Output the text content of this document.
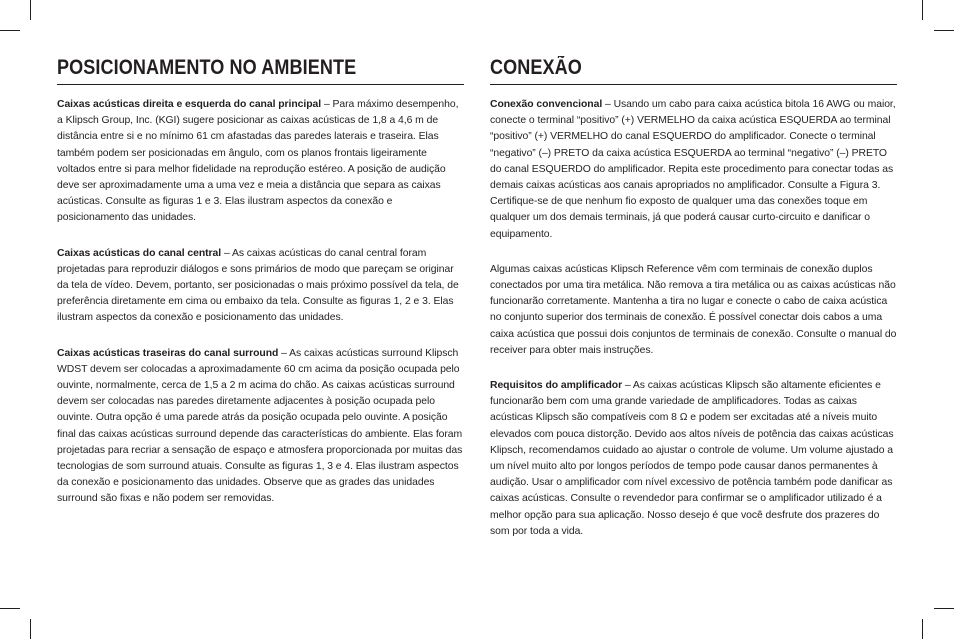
POSICIONAMENTO NO AMBIENTE

Caixas acústicas direita e esquerda do canal principal – Para máximo desempenho, a Klipsch Group, Inc. (KGI) sugere posicionar as caixas acústicas de 1,8 a 4,6 m de distância entre si e no mínimo 61 cm afastadas das paredes laterais e traseira. Elas também podem ser posicionadas em ângulo, com os planos frontais ligeiramente voltados entre si para melhor fidelidade na reprodução estéreo. A posição de audição deve ser aproximadamente uma a uma vez e meia a distância que separa as caixas acústicas. Consulte as figuras 1 e 3. Elas ilustram aspectos da conexão e posicionamento das unidades.

Caixas acústicas do canal central – As caixas acústicas do canal central foram projetadas para reproduzir diálogos e sons primários de modo que pareçam se originar da tela de vídeo. Devem, portanto, ser posicionadas o mais próximo possível da tela, de preferência diretamente em cima ou embaixo da tela. Consulte as figuras 1, 2 e 3. Elas ilustram aspectos da conexão e posicionamento das unidades.

Caixas acústicas traseiras do canal surround – As caixas acústicas surround Klipsch WDST devem ser colocadas a aproximadamente 60 cm acima da posição ocupada pelo ouvinte, normalmente, cerca de 1,5 a 2 m acima do chão. As caixas acústicas surround devem ser colocadas nas paredes diretamente adjacentes à posição ocupada pelo ouvinte. Outra opção é uma parede atrás da posição ocupada pelo ouvinte. A posição final das caixas acústicas surround depende das características do ambiente. Elas foram projetadas para recriar a sensação de espaço e atmosfera proporcionada por muitas das tecnologias de som surround atuais. Consulte as figuras 1, 3 e 4. Elas ilustram aspectos da conexão e posicionamento das unidades. Observe que as grades das unidades surround são fixas e não podem ser removidas.

CONEXÃO

Conexão convencional – Usando um cabo para caixa acústica bitola 16 AWG ou maior, conecte o terminal “positivo” (+) VERMELHO da caixa acústica ESQUERDA ao terminal “positivo” (+) VERMELHO do canal ESQUERDO do amplificador. Conecte o terminal “negativo” (–) PRETO da caixa acústica ESQUERDA ao terminal “negativo” (–) PRETO do canal ESQUERDO do amplificador. Repita este procedimento para conectar todas as demais caixas acústicas aos canais apropriados no amplificador. Consulte a Figura 3. Certifique-se de que nenhum fio exposto de qualquer uma das conexões toque em qualquer um dos demais terminais, já que poderá causar curto-circuito e danificar o equipamento.

Algumas caixas acústicas Klipsch Reference vêm com terminais de conexão duplos conectados por uma tira metálica. Não remova a tira metálica ou as caixas acústicas não funcionarão corretamente. Mantenha a tira no lugar e conecte o cabo de caixa acústica no conjunto superior dos terminais de conexão. É possível conectar dois cabos a uma caixa acústica que possui dois conjuntos de terminais de conexão. Consulte o manual do receiver para obter mais instruções.

Requisitos do amplificador – As caixas acústicas Klipsch são altamente eficientes e funcionarão bem com uma grande variedade de amplificadores. Todas as caixas acústicas Klipsch são compatíveis com 8 Ω e podem ser excitadas até a níveis muito elevados com pouca distorção. Devido aos altos níveis de potência das caixas acústicas Klipsch, recomendamos cuidado ao ajustar o controle de volume. Um volume ajustado a um nível muito alto por longos períodos de tempo pode causar danos permanentes à audição. Usar o amplificador com nível excessivo de potência também pode danificar as caixas acústicas. Consulte o revendedor para confirmar se o amplificador utilizado é a melhor opção para sua aplicação. Nosso desejo é que você desfrute dos prazeres do som por toda a vida.
